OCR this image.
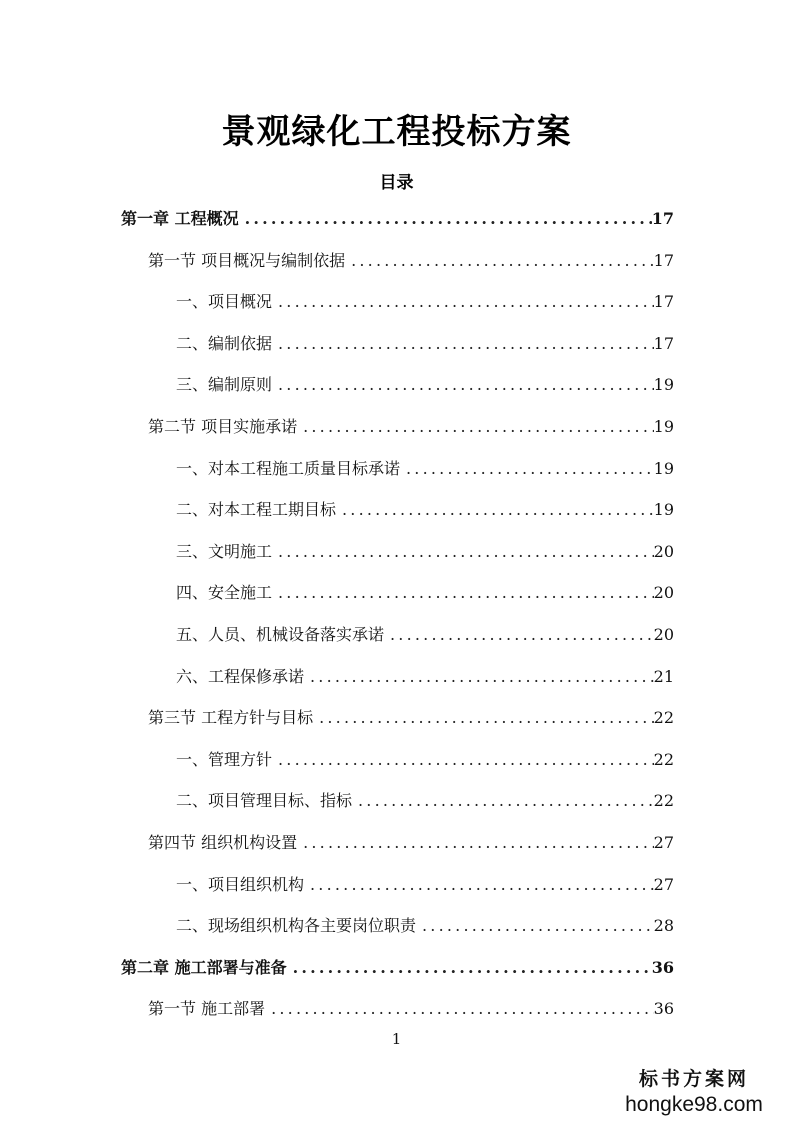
景观绿化工程投标方案
目录
第一章 工程概况 .....	17
第一节 项目概况与编制依据 .....	17
一、项目概况 .....	17
二、编制依据 .....	17
三、编制原则 .....	19
第二节 项目实施承诺 .....	19
一、对本工程施工质量目标承诺 .....	19
二、对本工程工期目标 .....	19
三、文明施工 .....	20
四、安全施工 .....	20
五、人员、机械设备落实承诺 .....	20
六、工程保修承诺 .....	21
第三节 工程方针与目标 .....	22
一、管理方针 .....	22
二、项目管理目标、指标 .....	22
第四节 组织机构设置 .....	27
一、项目组织机构 .....	27
二、现场组织机构各主要岗位职责 .....	28
第二章 施工部署与准备 .....	36
第一节 施工部署 .....	36
1
标书方案网
hongke98.com
